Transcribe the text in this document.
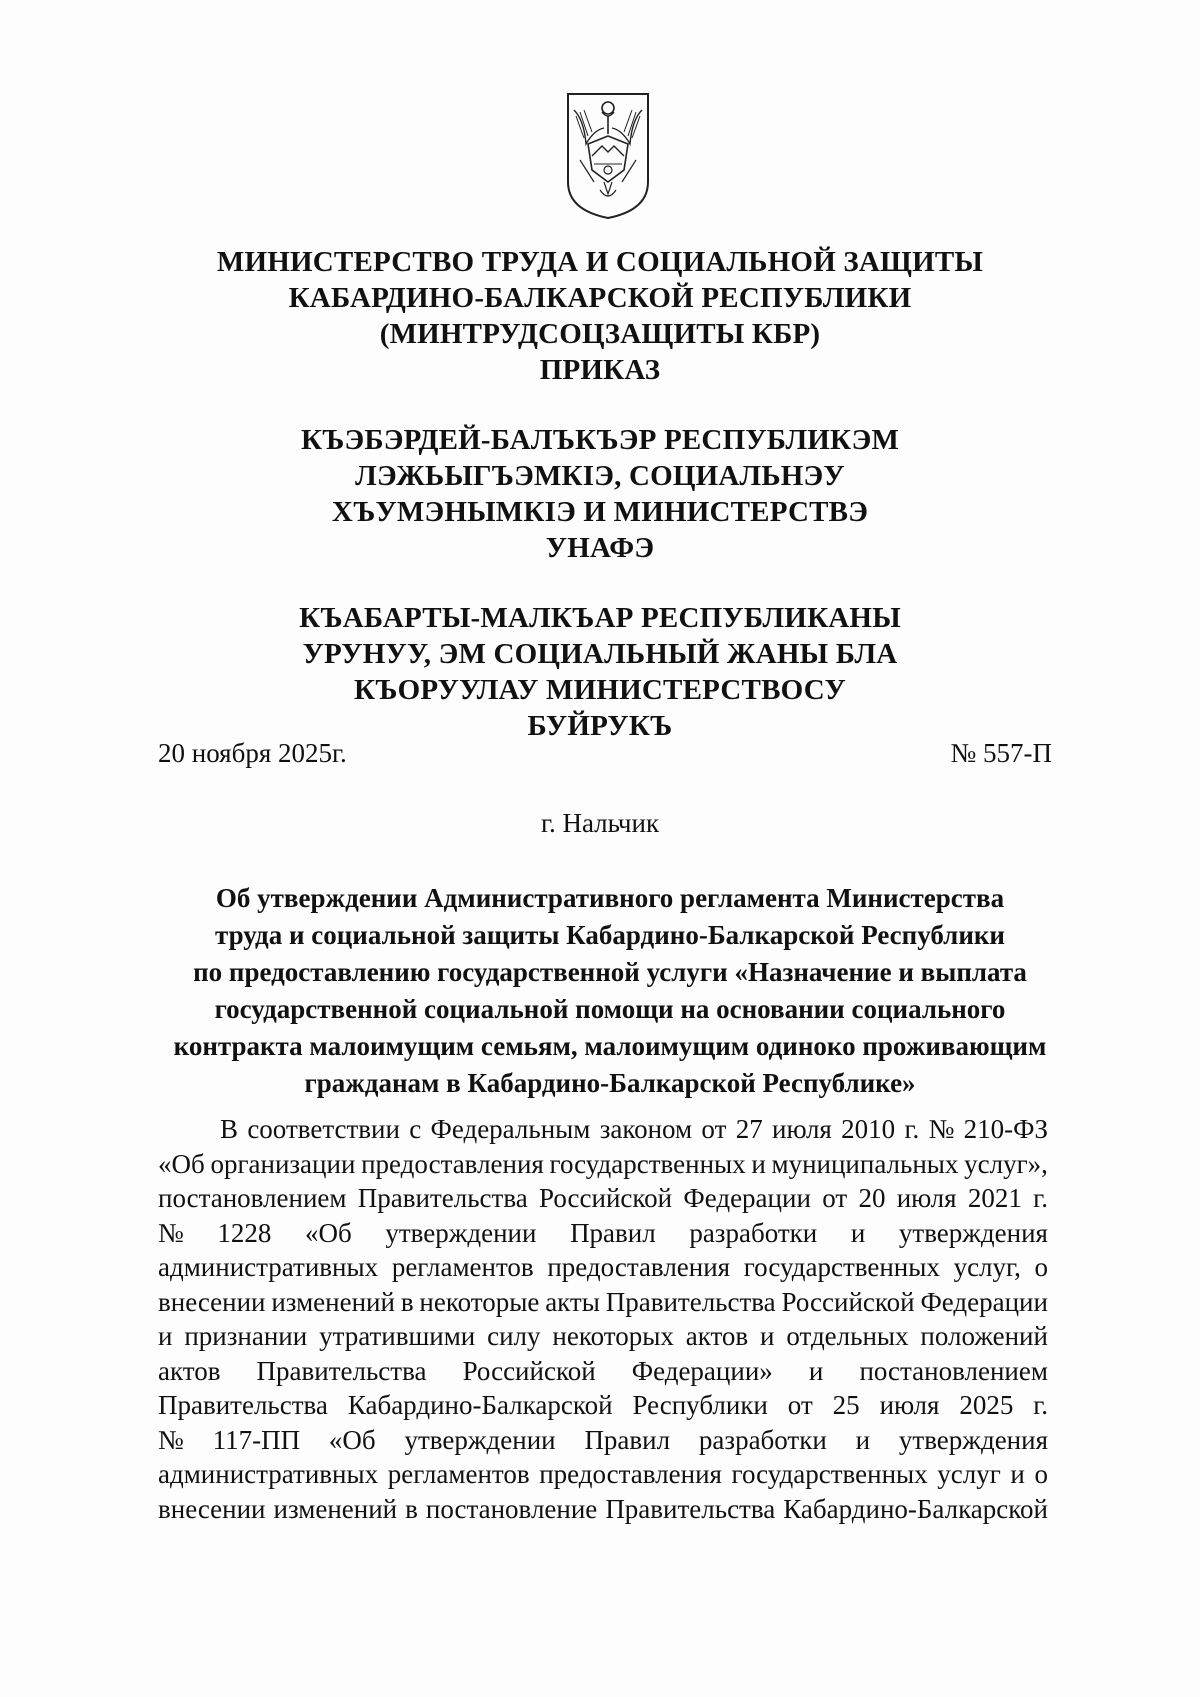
МИНИСТЕРСТВО ТРУДА И СОЦИАЛЬНОЙ ЗАЩИТЫ
КАБАРДИНО-БАЛКАРСКОЙ РЕСПУБЛИКИ
(МИНТРУДСОЦЗАЩИТЫ КБР)
ПРИКАЗ
КЪЭБЭРДЕЙ-БАЛЪКЪЭР РЕСПУБЛИКЭМ
ЛЭЖЬЫГЪЭМКIЭ, СОЦИАЛЬНЭУ
ХЪУМЭНЫМКIЭ И МИНИСТЕРСТВЭ
УНАФЭ
КЪАБАРТЫ-МАЛКЪАР РЕСПУБЛИКАНЫ
УРУНУУ, ЭМ СОЦИАЛЬНЫЙ ЖАНЫ БЛА
КЪОРУУЛАУ МИНИСТЕРСТВОСУ
БУЙРУКЪ
20 ноября 2025г.	№ 557-П
г. Нальчик
Об утверждении Административного регламента Министерства
труда и социальной защиты Кабардино-Балкарской Республики
по предоставлению государственной услуги «Назначение и выплата
государственной социальной помощи на основании социального
контракта малоимущим семьям, малоимущим одиноко проживающим
гражданам в Кабардино-Балкарской Республике»
В соответствии с Федеральным законом от 27 июля 2010 г. № 210-ФЗ
«Об организации предоставления государственных и муниципальных услуг»,
постановлением Правительства Российской Федерации от 20 июля 2021 г.
№ 1228 «Об утверждении Правил разработки и утверждения
административных регламентов предоставления государственных услуг, о
внесении изменений в некоторые акты Правительства Российской Федерации
и признании утратившими силу некоторых актов и отдельных положений
актов Правительства Российской Федерации» и постановлением
Правительства Кабардино-Балкарской Республики от 25 июля 2025 г.
№ 117-ПП «Об утверждении Правил разработки и утверждения
административных регламентов предоставления государственных услуг и о
внесении изменений в постановление Правительства Кабардино-Балкарской
